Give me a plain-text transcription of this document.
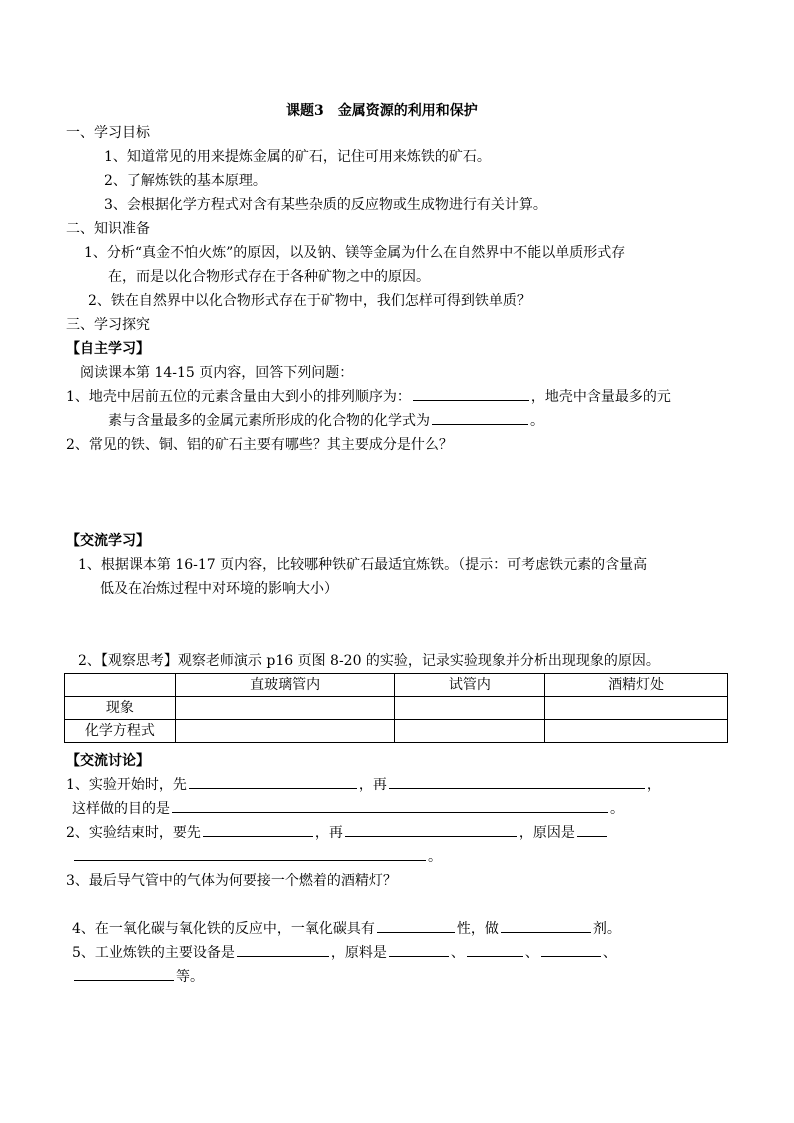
课题3　金属资源的利用和保护
一、学习目标
1、知道常见的用来提炼金属的矿石，记住可用来炼铁的矿石。
2、了解炼铁的基本原理。
3、会根据化学方程式对含有某些杂质的反应物或生成物进行有关计算。
二、知识准备
1、分析“真金不怕火炼”的原因，以及钠、镁等金属为什么在自然界中不能以单质形式存
在，而是以化合物形式存在于各种矿物之中的原因。
2、铁在自然界中以化合物形式存在于矿物中，我们怎样可得到铁单质？
三、学习探究
【自主学习】
阅读课本第 14-15 页内容，回答下列问题：
1、地壳中居前五位的元素含量由大到小的排列顺序为：	，地壳中含量最多的元
素与含量最多的金属元素所形成的化合物的化学式为	。
2、常见的铁、铜、铝的矿石主要有哪些？其主要成分是什么？
【交流学习】
1、根据课本第 16-17 页内容，比较哪种铁矿石最适宜炼铁。（提示：可考虑铁元素的含量高
低及在冶炼过程中对环境的影响大小）
2、【观察思考】观察老师演示 p16 页图 8-20 的实验，记录实验现象并分析出现现象的原因。
	直玻璃管内	试管内	酒精灯处
现象			
化学方程式			
【交流讨论】
1、实验开始时，先	，再	，
这样做的目的是	。
2、实验结束时，要先	，再	，原因是
。
3、最后导气管中的气体为何要接一个燃着的酒精灯？
4、在一氧化碳与氧化铁的反应中，一氧化碳具有	性，做	剂。
5、工业炼铁的主要设备是	，原料是	、	、	、
等。
